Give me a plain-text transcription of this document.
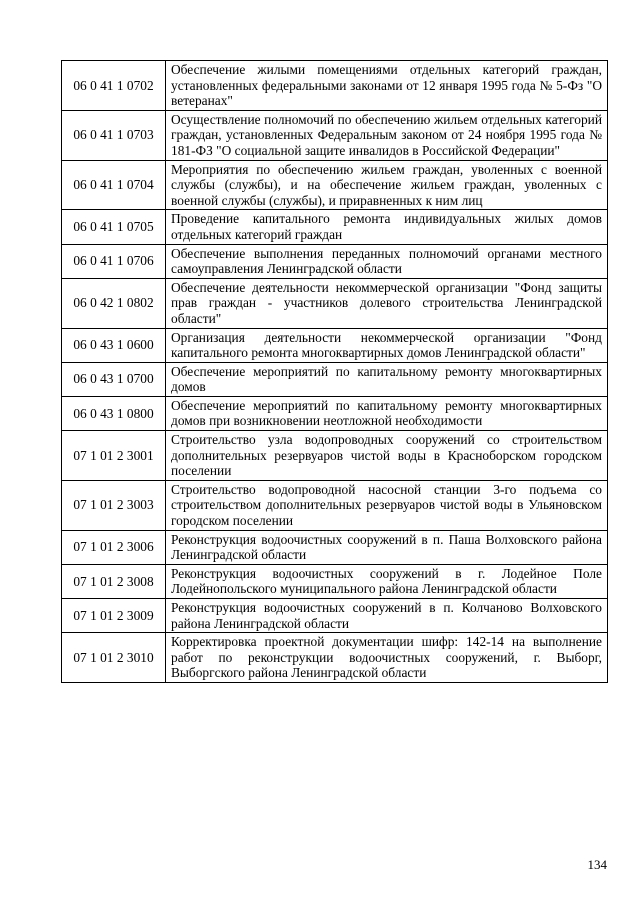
06 0 41 1 0702	Обеспечение жилыми помещениями отдельных категорий граждан, установленных федеральными законами от 12 января 1995 года № 5-Фз "О ветеранах"
06 0 41 1 0703	Осуществление полномочий по обеспечению жильем отдельных категорий граждан, установленных Федеральным законом от 24 ноября 1995 года № 181-ФЗ "О социальной защите инвалидов в Российской Федерации"
06 0 41 1 0704	Мероприятия по обеспечению жильем граждан, уволенных с военной службы (службы), и на обеспечение жильем граждан, уволенных с военной службы (службы), и приравненных к ним лиц
06 0 41 1 0705	Проведение капитального ремонта индивидуальных жилых домов отдельных категорий граждан
06 0 41 1 0706	Обеспечение выполнения переданных полномочий органами местного самоуправления Ленинградской области
06 0 42 1 0802	Обеспечение деятельности некоммерческой организации "Фонд защиты прав граждан - участников долевого строительства Ленинградской области"
06 0 43 1 0600	Организация деятельности некоммерческой организации "Фонд капитального ремонта многоквартирных домов Ленинградской области"
06 0 43 1 0700	Обеспечение мероприятий по капитальному ремонту многоквартирных домов
06 0 43 1 0800	Обеспечение мероприятий по капитальному ремонту многоквартирных домов при возникновении неотложной необходимости
07 1 01 2 3001	Строительство узла водопроводных сооружений со строительством дополнительных резервуаров чистой воды в Красноборском городском поселении
07 1 01 2 3003	Строительство водопроводной насосной станции 3-го подъема со строительством дополнительных резервуаров чистой воды в Ульяновском городском поселении
07 1 01 2 3006	Реконструкция водоочистных сооружений в п. Паша Волховского района Ленинградской области
07 1 01 2 3008	Реконструкция водоочистных сооружений в г. Лодейное Поле Лодейнопольского муниципального района Ленинградской области
07 1 01 2 3009	Реконструкция водоочистных сооружений в п. Колчаново Волховского района Ленинградской области
07 1 01 2 3010	Корректировка проектной документации шифр: 142-14 на выполнение работ по реконструкции водоочистных сооружений, г. Выборг, Выборгского района Ленинградской области
134
